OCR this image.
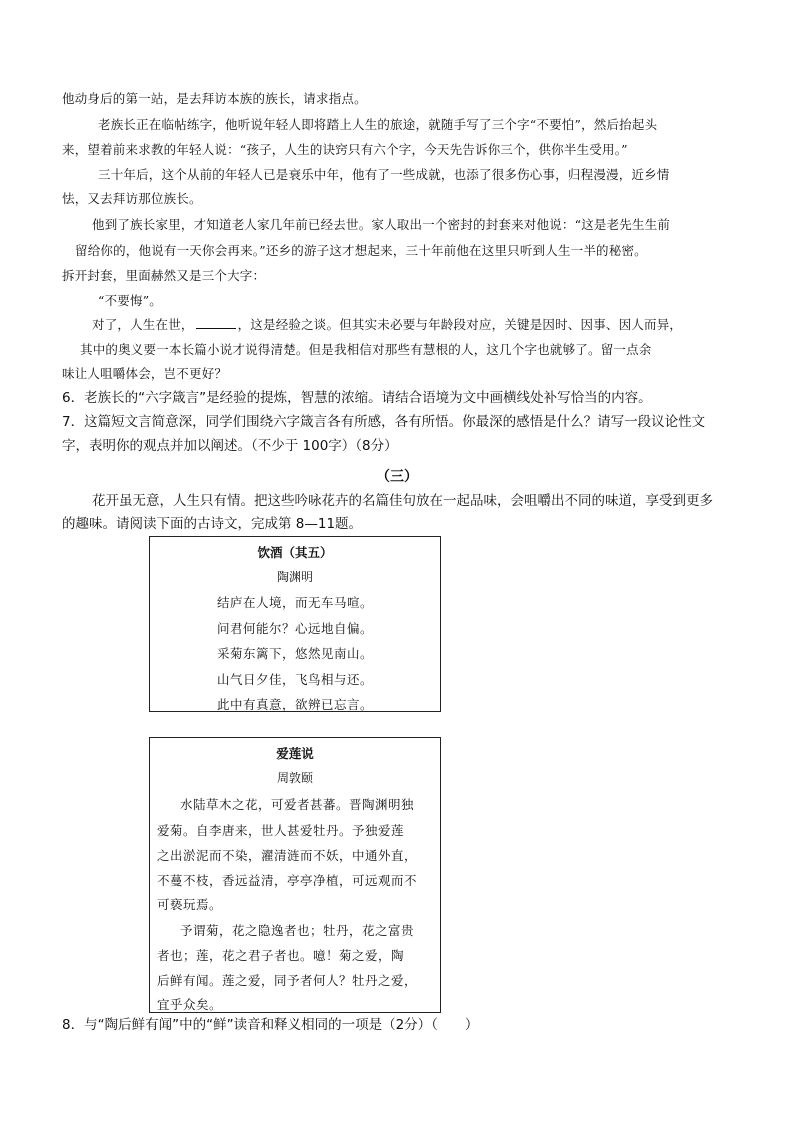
他动身后的第一站，是去拜访本族的族长，请求指点。
老族长正在临帖练字，他听说年轻人即将踏上人生的旅途，就随手写了三个字“不要怕”，然后抬起头
来，望着前来求教的年轻人说：“孩子，人生的诀窍只有六个字，今天先告诉你三个，供你半生受用。”
三十年后，这个从前的年轻人已是衰乐中年，他有了一些成就，也添了很多伤心事，归程漫漫，近乡情
怯，又去拜访那位族长。
他到了族长家里，才知道老人家几年前已经去世。家人取出一个密封的封套来对他说：“这是老先生生前
留给你的，他说有一天你会再来。”还乡的游子这才想起来，三十年前他在这里只听到人生一半的秘密。
拆开封套，里面赫然又是三个大字：
“不要悔”。
对了，人生在世，	，这是经验之谈。但其实未必要与年龄段对应，关键是因时、因事、因人而异，
其中的奥义要一本长篇小说才说得清楚。但是我相信对那些有慧根的人，这几个字也就够了。留一点余
味让人咀嚼体会，岂不更好？
6．老族长的“六字箴言”是经验的提炼，智慧的浓缩。请结合语境为文中画横线处补写恰当的内容。
7．这篇短文言简意深，同学们围绕六字箴言各有所感，各有所悟。你最深的感悟是什么？请写一段议论性文
字，表明你的观点并加以阐述。（不少于 100字）（8分）
（三）
花开虽无意，人生只有情。把这些吟咏花卉的名篇佳句放在一起品味，会咀嚼出不同的味道，享受到更多
的趣味。请阅读下面的古诗文，完成第 8—11题。
饮酒（其五）
陶渊明
结庐在人境，而无车马喧。
问君何能尔？心远地自偏。
采菊东篱下，悠然见南山。
山气日夕佳，飞鸟相与还。
此中有真意，欲辨已忘言。
爱莲说
周敦颐
水陆草木之花，可爱者甚蕃。晋陶渊明独
爱菊。自李唐来，世人甚爱牡丹。予独爱莲
之出淤泥而不染，濯清涟而不妖，中通外直，
不蔓不枝，香远益清，亭亭净植，可远观而不
可亵玩焉。
予谓菊，花之隐逸者也；牡丹，花之富贵
者也；莲，花之君子者也。噫！菊之爱，陶
后鲜有闻。莲之爱，同予者何人？牡丹之爱，
宜乎众矣。
8．与“陶后鲜有闻”中的“鲜”读音和释义相同的一项是（2分）（　　）
